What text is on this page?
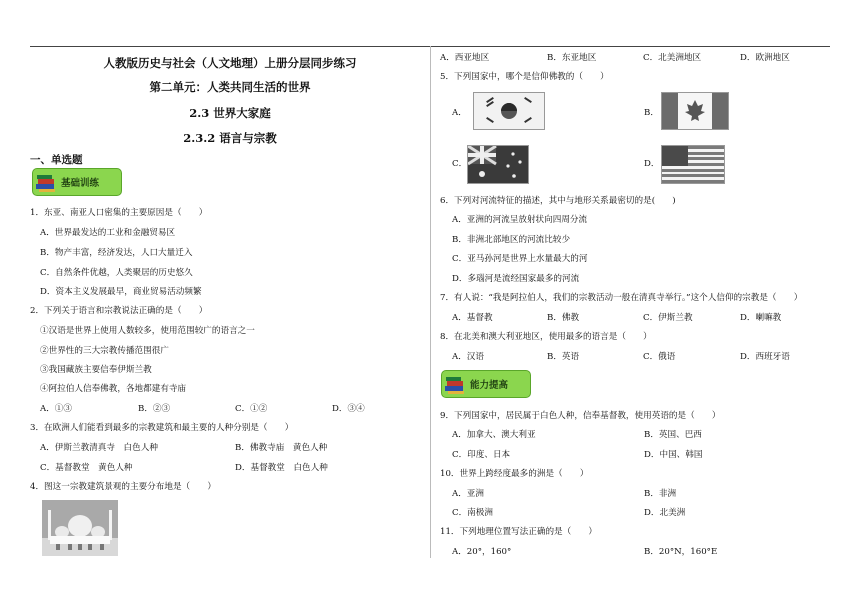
人教版历史与社会（人文地理）上册分层同步练习
第二单元：人类共同生活的世界
2.3 世界大家庭
2.3.2 语言与宗教
一、单选题
基础训练
1．东亚、南亚人口密集的主要原因是（　　）
A．世界最发达的工业和金融贸易区
B．物产丰富，经济发达，人口大量迁入
C．自然条件优越，人类聚居的历史悠久
D．资本主义发展最早，商业贸易活动频繁
2．下列关于语言和宗教说法正确的是（　　）
①汉语是世界上使用人数较多，使用范围较广的语言之一
②世界性的三大宗教传播范围很广
③我国藏族主要信奉伊斯兰教
④阿拉伯人信奉佛教，各地都建有寺庙
A．①③	B．②③	C．①②	D．③④
3．在欧洲人们能看到最多的宗教建筑和最主要的人种分别是（　　）
A．伊斯兰教清真寺　白色人种	B．佛教寺庙　黄色人种
C．基督教堂　黄色人种	D．基督教堂　白色人种
4．图这一宗教建筑景观的主要分布地是（　　）
A．西亚地区	B．东亚地区	C．北美洲地区	D．欧洲地区
5．下列国家中，哪个是信仰佛教的（　　）
A．	B．
C．	D．
6．下列对河流特征的描述，其中与地形关系最密切的是(　　)
A．亚洲的河流呈放射状向四周分流
B．非洲北部地区的河流比较少
C．亚马孙河是世界上水量最大的河
D．多瑙河是流经国家最多的河流
7．有人说：“我是阿拉伯人，我们的宗教活动一般在清真寺举行。”这个人信仰的宗教是（　　）
A．基督教	B．佛教	C．伊斯兰教	D．喇嘛教
8．在北美和澳大利亚地区，使用最多的语言是（　　）
A．汉语	B．英语	C．俄语	D．西班牙语
能力提高
9．下列国家中，居民属于白色人种，信奉基督教，使用英语的是（　　）
A．加拿大、澳大利亚	B．英国、巴西
C．印度、日本	D．中国、韩国
10．世界上跨经度最多的洲是（　　）
A．亚洲	B．非洲
C．南极洲	D．北美洲
11．下列地理位置写法正确的是（　　）
A．20°，160°	B．20°N，160°E
